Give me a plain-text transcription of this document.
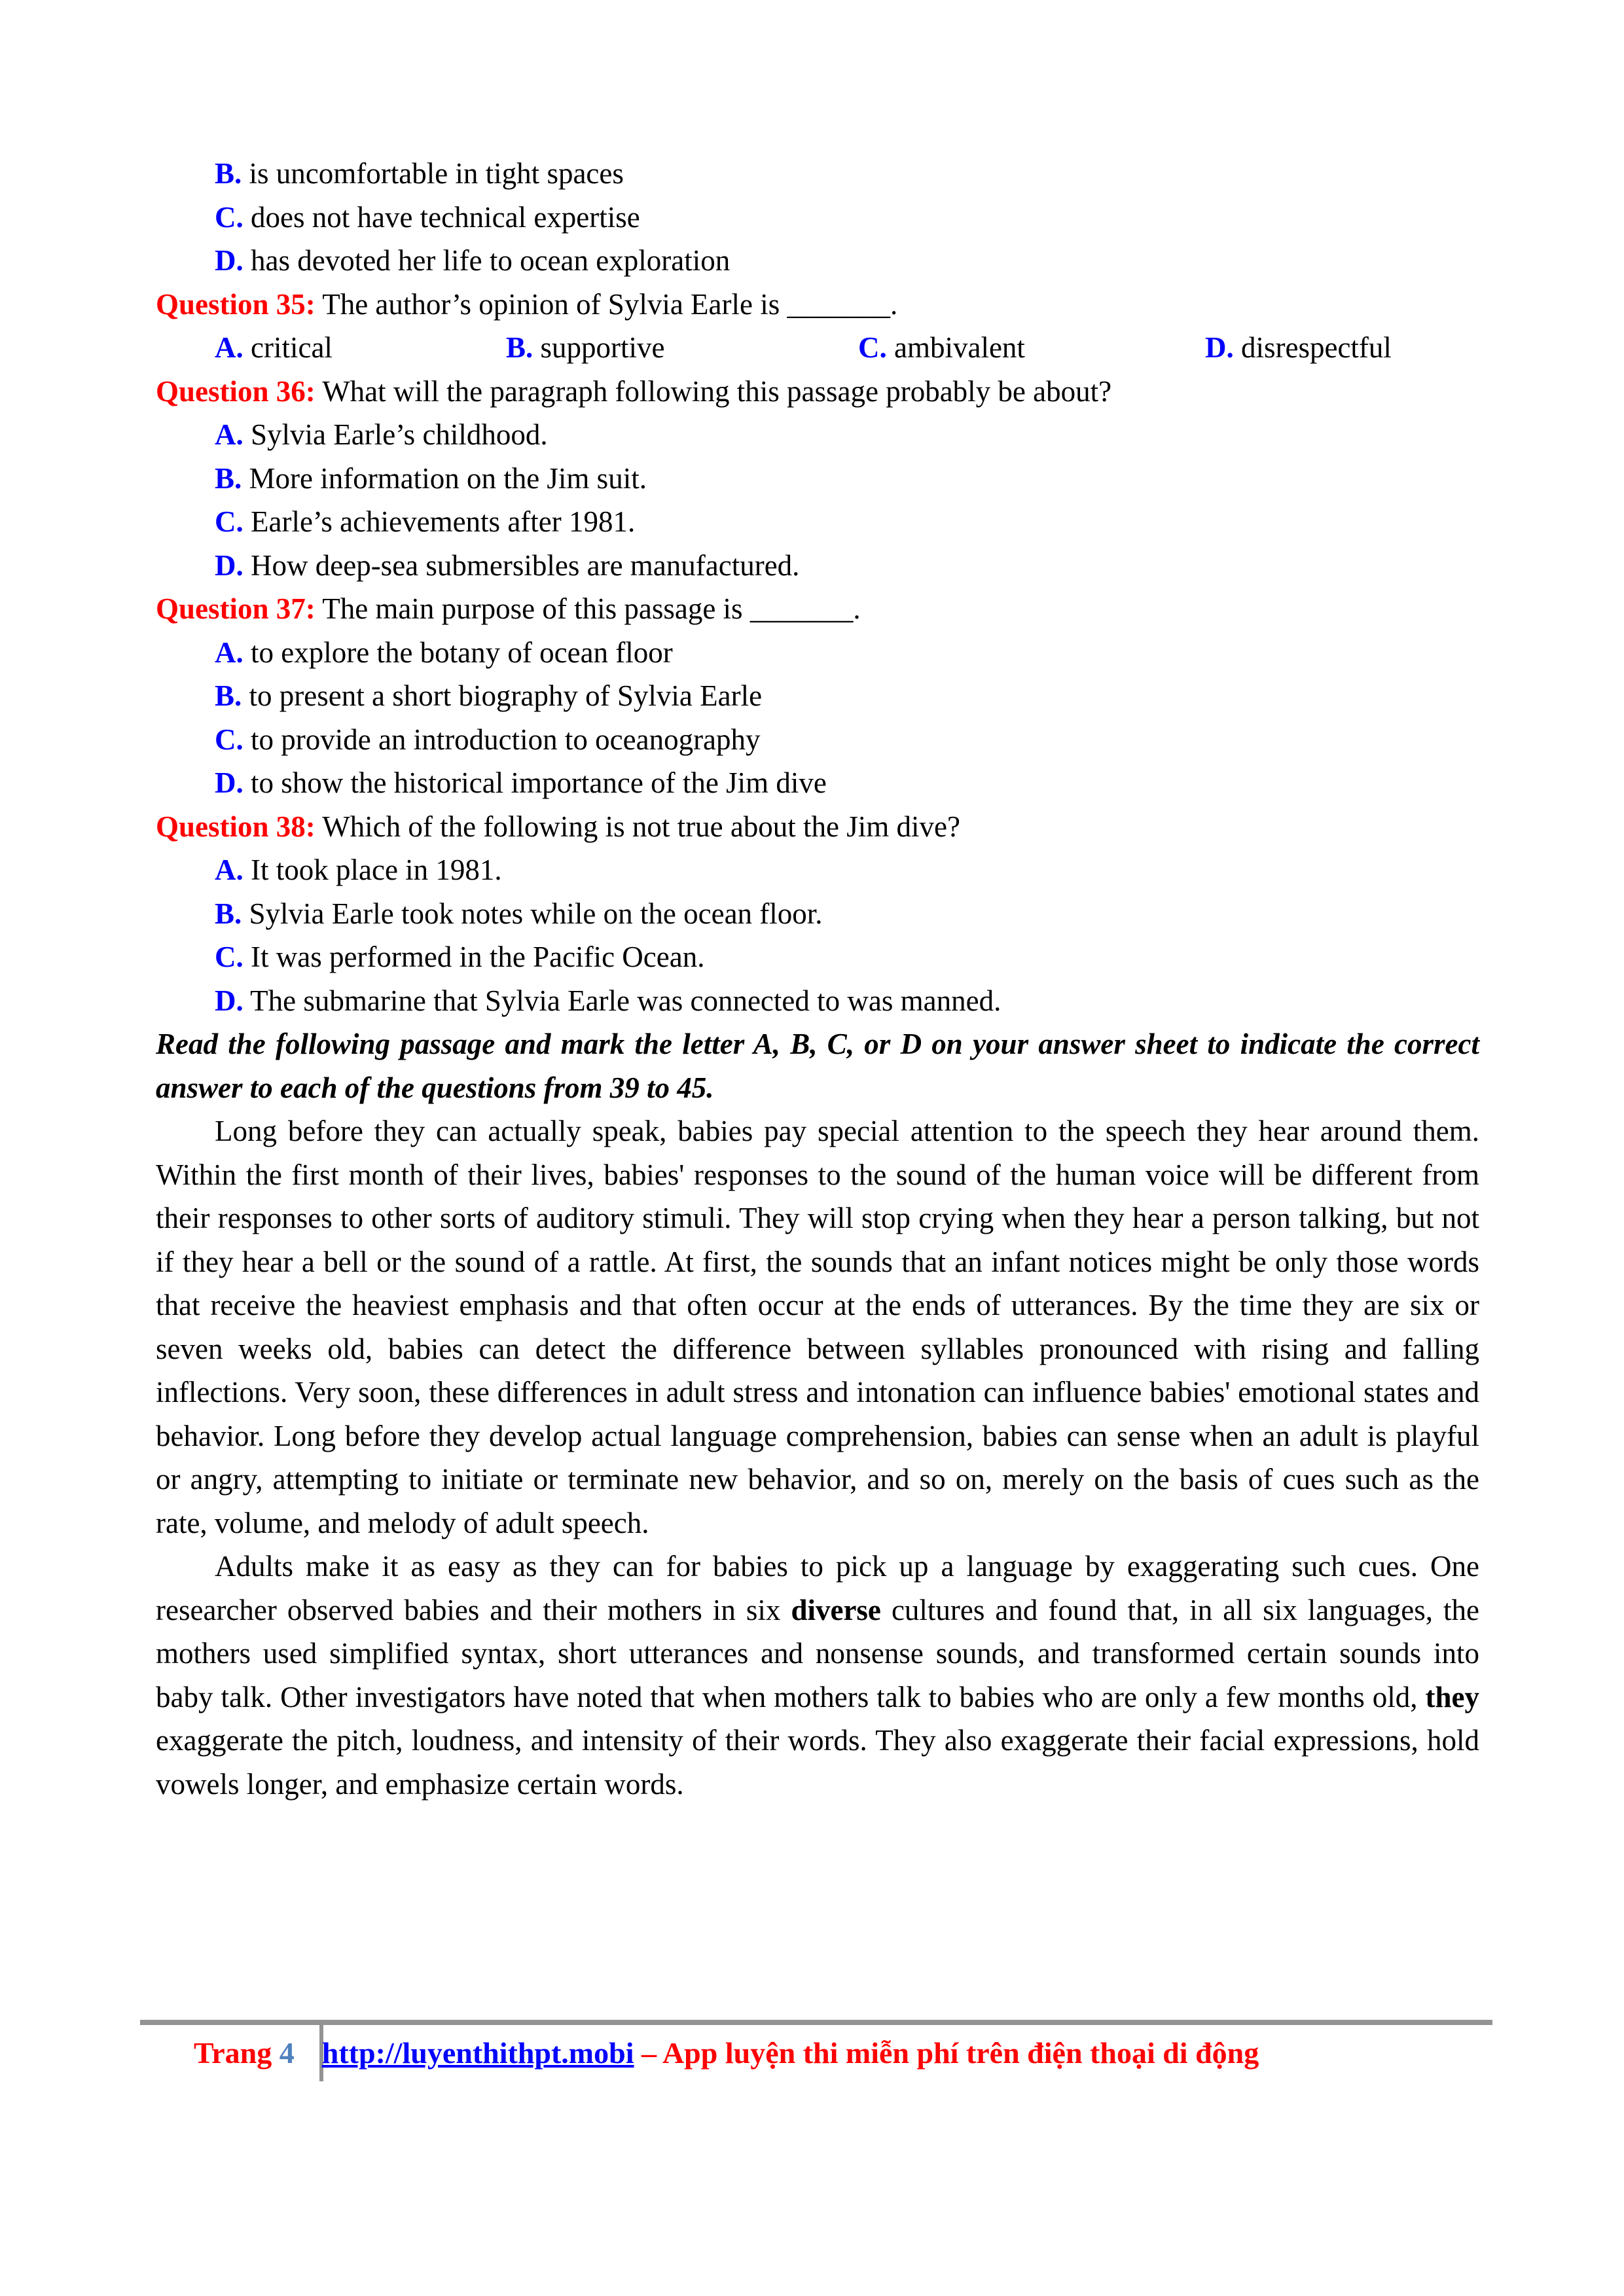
B. is uncomfortable in tight spaces
C. does not have technical expertise
D. has devoted her life to ocean exploration
Question 35: The author’s opinion of Sylvia Earle is _______.
A. critical	B. supportive	C. ambivalent	D. disrespectful
Question 36: What will the paragraph following this passage probably be about?
A. Sylvia Earle’s childhood.
B. More information on the Jim suit.
C. Earle’s achievements after 1981.
D. How deep-sea submersibles are manufactured.
Question 37: The main purpose of this passage is _______.
A. to explore the botany of ocean floor
B. to present a short biography of Sylvia Earle
C. to provide an introduction to oceanography
D. to show the historical importance of the Jim dive
Question 38: Which of the following is not true about the Jim dive?
A. It took place in 1981.
B. Sylvia Earle took notes while on the ocean floor.
C. It was performed in the Pacific Ocean.
D. The submarine that Sylvia Earle was connected to was manned.
Read the following passage and mark the letter A, B, C, or D on your answer sheet to indicate the correct answer to each of the questions from 39 to 45.

Long before they can actually speak, babies pay special attention to the speech they hear around them. Within the first month of their lives, babies' responses to the sound of the human voice will be different from their responses to other sorts of auditory stimuli. They will stop crying when they hear a person talking, but not if they hear a bell or the sound of a rattle. At first, the sounds that an infant notices might be only those words that receive the heaviest emphasis and that often occur at the ends of utterances. By the time they are six or seven weeks old, babies can detect the difference between syllables pronounced with rising and falling inflections. Very soon, these differences in adult stress and intonation can influence babies' emotional states and behavior. Long before they develop actual language comprehension, babies can sense when an adult is playful or angry, attempting to initiate or terminate new behavior, and so on, merely on the basis of cues such as the rate, volume, and melody of adult speech.

Adults make it as easy as they can for babies to pick up a language by exaggerating such cues. One researcher observed babies and their mothers in six diverse cultures and found that, in all six languages, the mothers used simplified syntax, short utterances and nonsense sounds, and transformed certain sounds into baby talk. Other investigators have noted that when mothers talk to babies who are only a few months old, they exaggerate the pitch, loudness, and intensity of their words. They also exaggerate their facial expressions, hold vowels longer, and emphasize certain words.

Trang 4 http://luyenthithpt.mobi – App luyện thi miễn phí trên điện thoại di động
